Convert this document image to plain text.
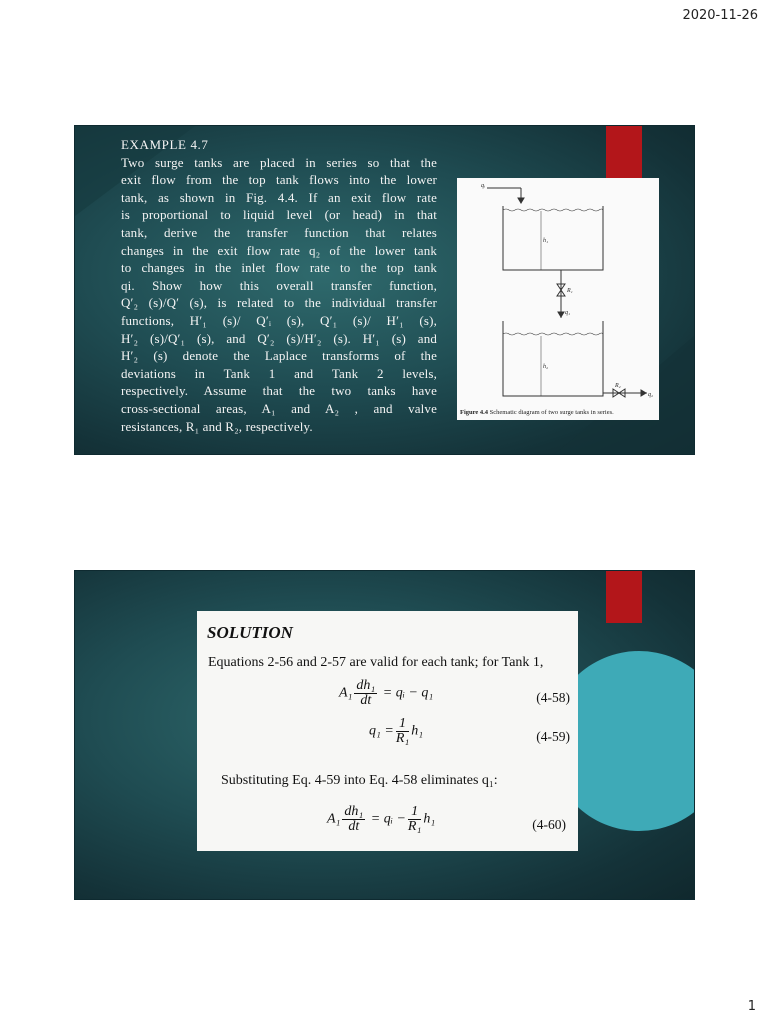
2020-11-26
EXAMPLE 4.7
Two surge tanks are placed in series so that the
exit flow from the top tank flows into the lower
tank, as shown in Fig. 4.4. If an exit flow rate
is proportional to liquid level (or head) in that
tank, derive the transfer function that relates
changes in the exit flow rate q₂ of the lower tank
to changes in the inlet flow rate to the top tank
qi. Show how this overall transfer function,
Q′₂ (s)/Q′ (s), is related to the individual transfer
functions, H′₁ (s)/ Q′ᵢ (s), Q′₁ (s)/ H′₁ (s),
H′₂ (s)/Q′₁ (s), and Q′₂ (s)/H′₂ (s). H′₁ (s) and
H′₂ (s) denote the Laplace transforms of the
deviations in Tank 1 and Tank 2 levels,
respectively. Assume that the two tanks have
cross-sectional areas, A₁ and A₂ , and valve
resistances, R₁ and R₂, respectively.
qᵢ
h₁
R₁
q₁
h₂
R₂
q₂
Figure 4.4 Schematic diagram of two surge tanks in series.
SOLUTION
Equations 2-56 and 2-57 are valid for each tank; for Tank 1,
$A_1 \frac{\text{dh₁}}{dt}$ = qᵢ − q₁	(4-58)
$q_1 = \frac{1}{\text{R₁}} h_1$	(4-59)
Substituting Eq. 4-59 into Eq. 4-58 eliminates q₁:
$A_1 \frac{\text{dh₁}}{dt}$ = qᵢ − $\frac{1}{\text{R₁}} h_1$	(4-60)
1
